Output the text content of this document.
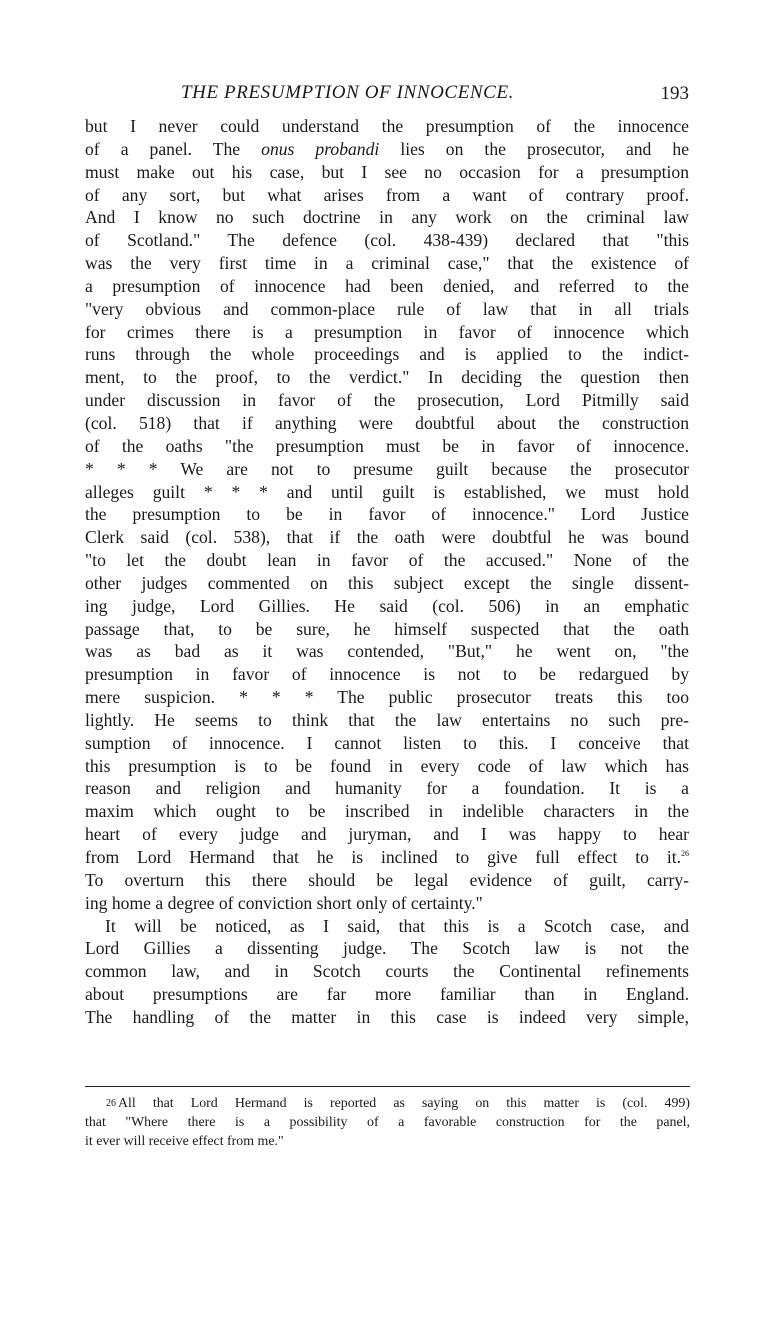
THE PRESUMPTION OF INNOCENCE.	193
but I never could understand the presumption of the innocence
of a panel. The onus probandi lies on the prosecutor, and he
must make out his case, but I see no occasion for a presumption
of any sort, but what arises from a want of contrary proof.
And I know no such doctrine in any work on the criminal law
of Scotland." The defence (col. 438-439) declared that "this
was the very first time in a criminal case," that the existence of
a presumption of innocence had been denied, and referred to the
"very obvious and common-place rule of law that in all trials
for crimes there is a presumption in favor of innocence which
runs through the whole proceedings and is applied to the indict-
ment, to the proof, to the verdict." In deciding the question then
under discussion in favor of the prosecution, Lord Pitmilly said
(col. 518) that if anything were doubtful about the construction
of the oaths "the presumption must be in favor of innocence.
* * * We are not to presume guilt because the prosecutor
alleges guilt * * * and until guilt is established, we must hold
the presumption to be in favor of innocence." Lord Justice
Clerk said (col. 538), that if the oath were doubtful he was bound
"to let the doubt lean in favor of the accused." None of the
other judges commented on this subject except the single dissent-
ing judge, Lord Gillies. He said (col. 506) in an emphatic
passage that, to be sure, he himself suspected that the oath
was as bad as it was contended, "But," he went on, "the
presumption in favor of innocence is not to be redargued by
mere suspicion. * * * The public prosecutor treats this too
lightly. He seems to think that the law entertains no such pre-
sumption of innocence. I cannot listen to this. I conceive that
this presumption is to be found in every code of law which has
reason and religion and humanity for a foundation. It is a
maxim which ought to be inscribed in indelible characters in the
heart of every judge and juryman, and I was happy to hear
from Lord Hermand that he is inclined to give full effect to it.$^{26}$
To overturn this there should be legal evidence of guilt, carry-
ing home a degree of conviction short only of certainty."
It will be noticed, as I said, that this is a Scotch case, and
Lord Gillies a dissenting judge. The Scotch law is not the
common law, and in Scotch courts the Continental refinements
about presumptions are far more familiar than in England.
The handling of the matter in this case is indeed very simple,
26 All that Lord Hermand is reported as saying on this matter is (col. 499)
that "Where there is a possibility of a favorable construction for the panel,
it ever will receive effect from me."
